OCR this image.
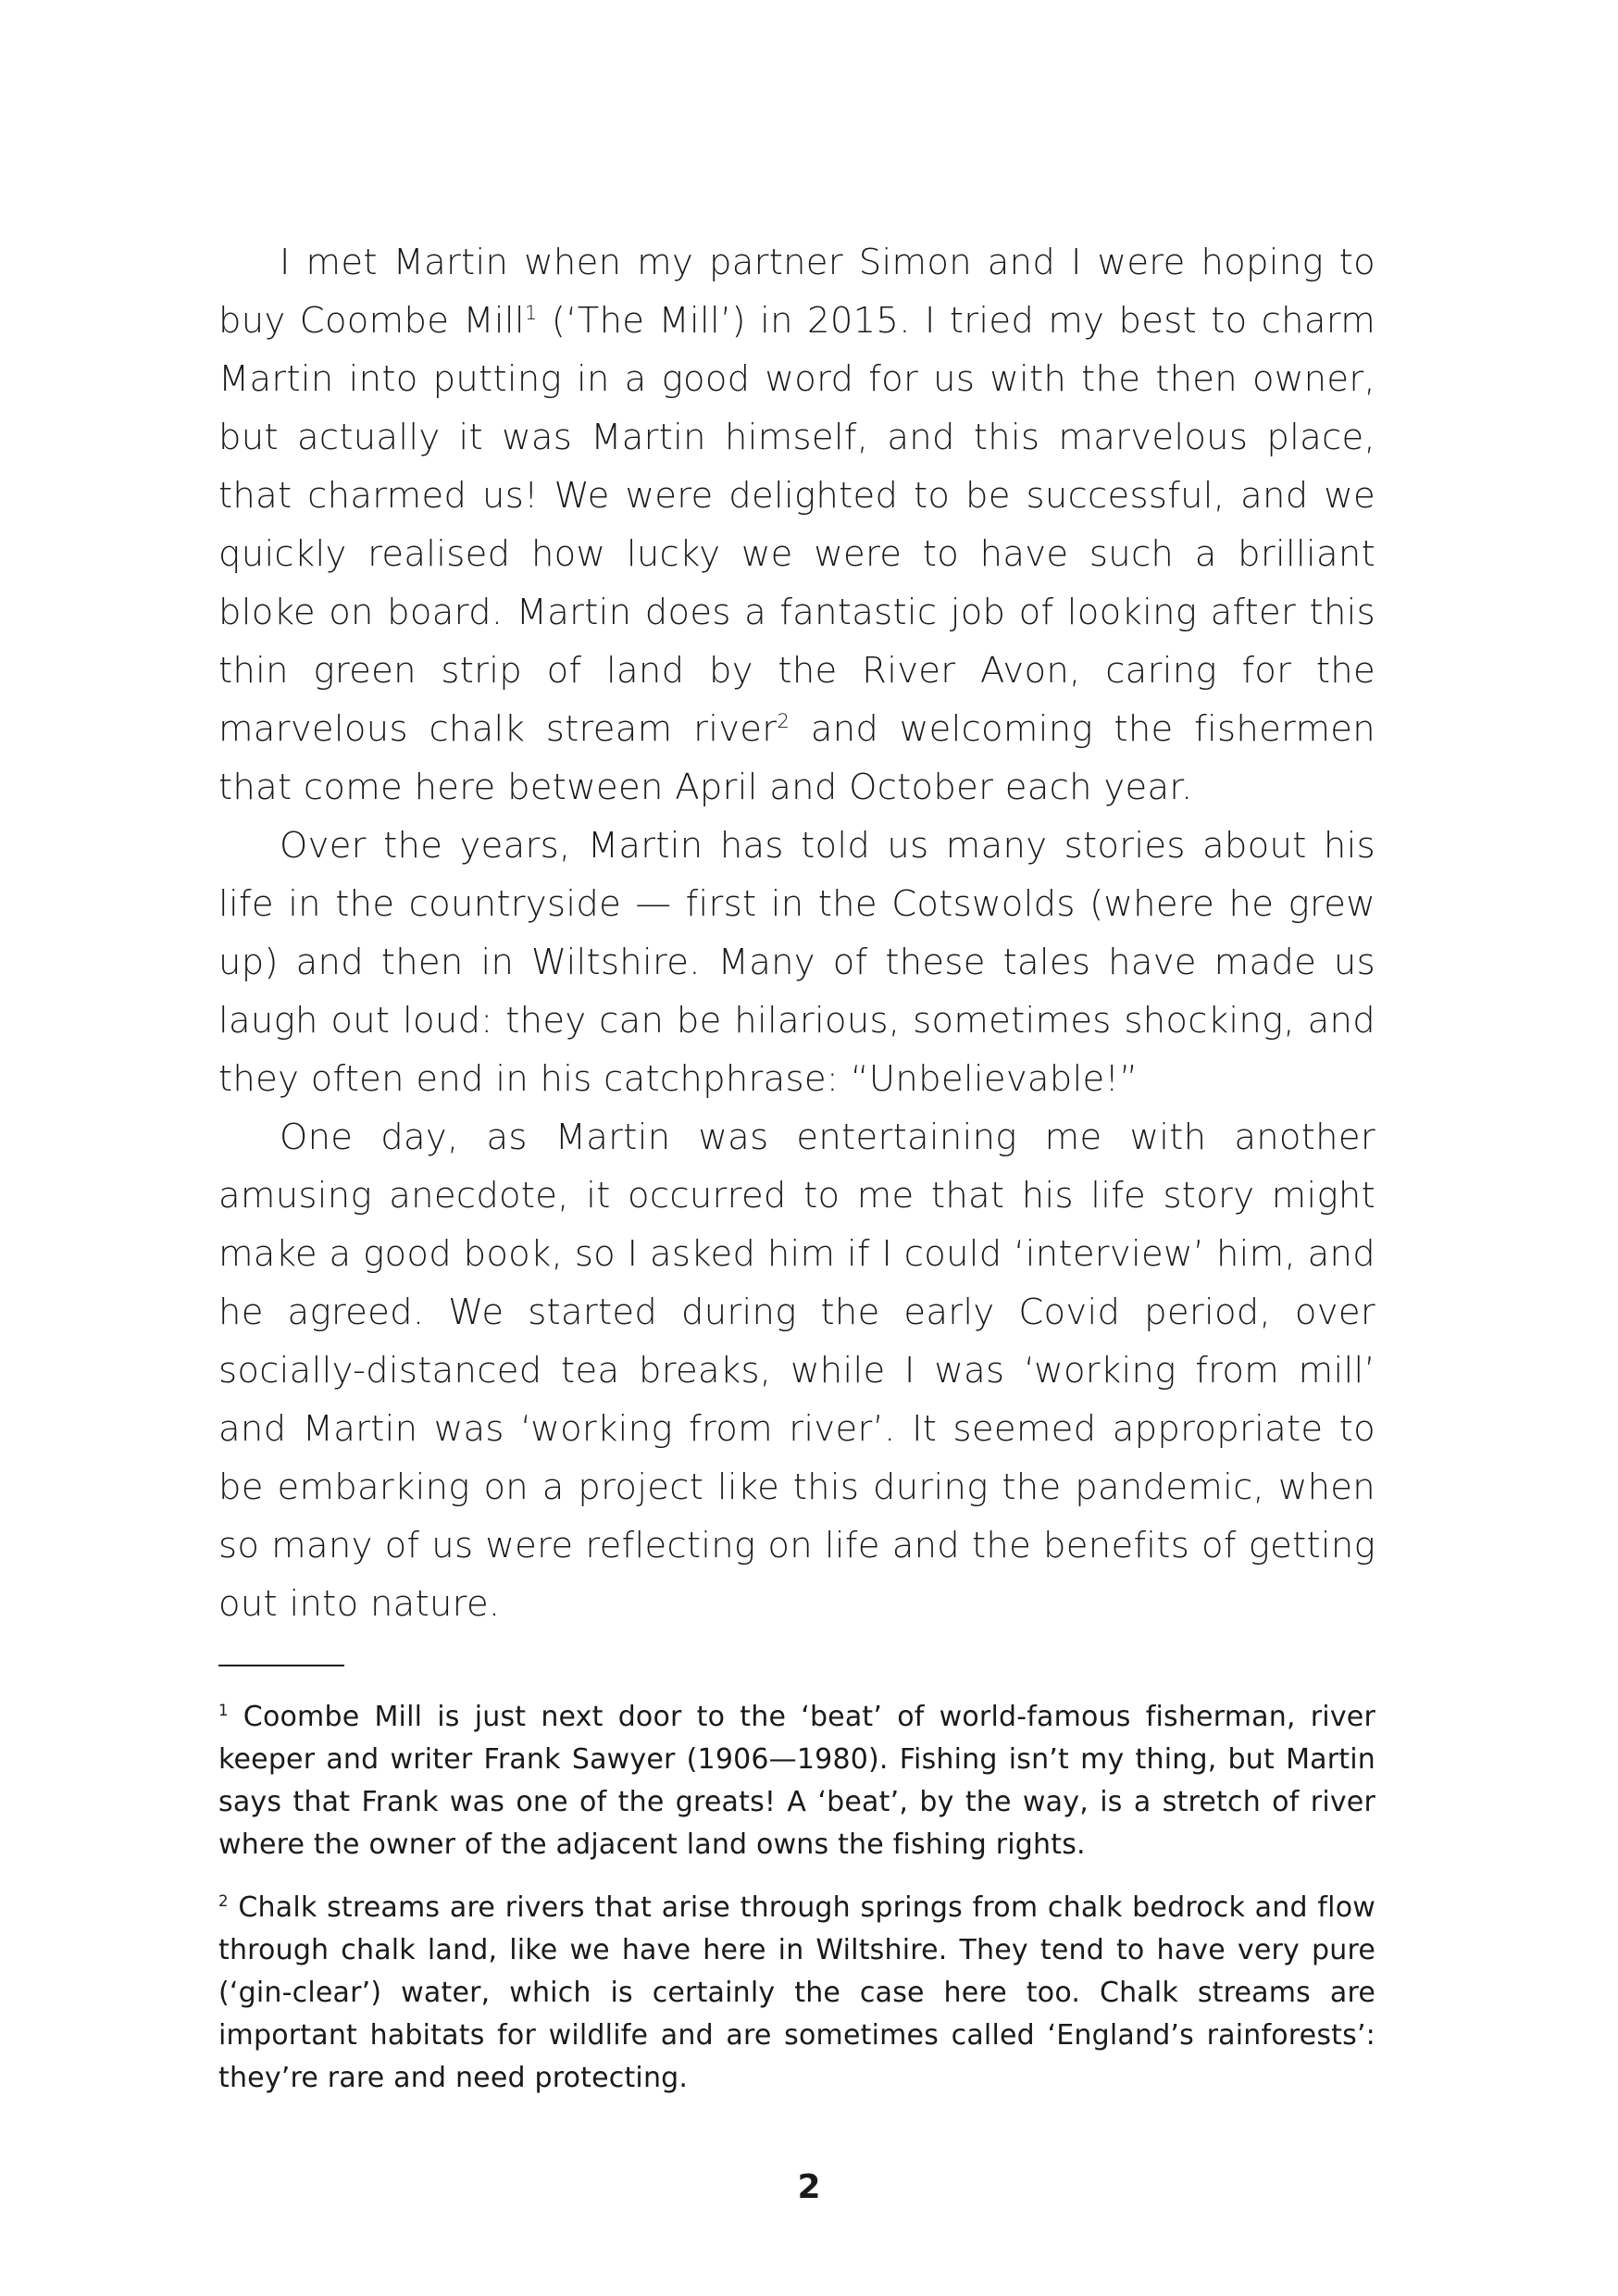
I met Martin when my partner Simon and I were hoping to buy Coombe Mill$^1$ (‘The Mill’) in 2015. I tried my best to charm Martin into putting in a good word for us with the then owner, but actually it was Martin himself, and this marvelous place, that charmed us! We were delighted to be successful, and we quickly realised how lucky we were to have such a brilliant bloke on board. Martin does a fantastic job of looking after this thin green strip of land by the River Avon, caring for the marvelous chalk stream river$^2$ and welcoming the fishermen that come here between April and October each year.

Over the years, Martin has told us many stories about his life in the countryside — first in the Cotswolds (where he grew up) and then in Wiltshire. Many of these tales have made us laugh out loud: they can be hilarious, sometimes shocking, and they often end in his catchphrase: “Unbelievable!”

One day, as Martin was entertaining me with another amusing anecdote, it occurred to me that his life story might make a good book, so I asked him if I could ‘interview’ him, and he agreed. We started during the early Covid period, over socially-distanced tea breaks, while I was ‘working from mill’ and Martin was ‘working from river’. It seemed appropriate to be embarking on a project like this during the pandemic, when so many of us were reflecting on life and the benefits of getting out into nature.

$^1$ Coombe Mill is just next door to the ‘beat’ of world-famous fisherman, river keeper and writer Frank Sawyer (1906—1980). Fishing isn’t my thing, but Martin says that Frank was one of the greats! A ‘beat’, by the way, is a stretch of river where the owner of the adjacent land owns the fishing rights.

$^2$ Chalk streams are rivers that arise through springs from chalk bedrock and flow through chalk land, like we have here in Wiltshire. They tend to have very pure (‘gin-clear’) water, which is certainly the case here too. Chalk streams are important habitats for wildlife and are sometimes called ‘England’s rainforests’: they’re rare and need protecting.

2
